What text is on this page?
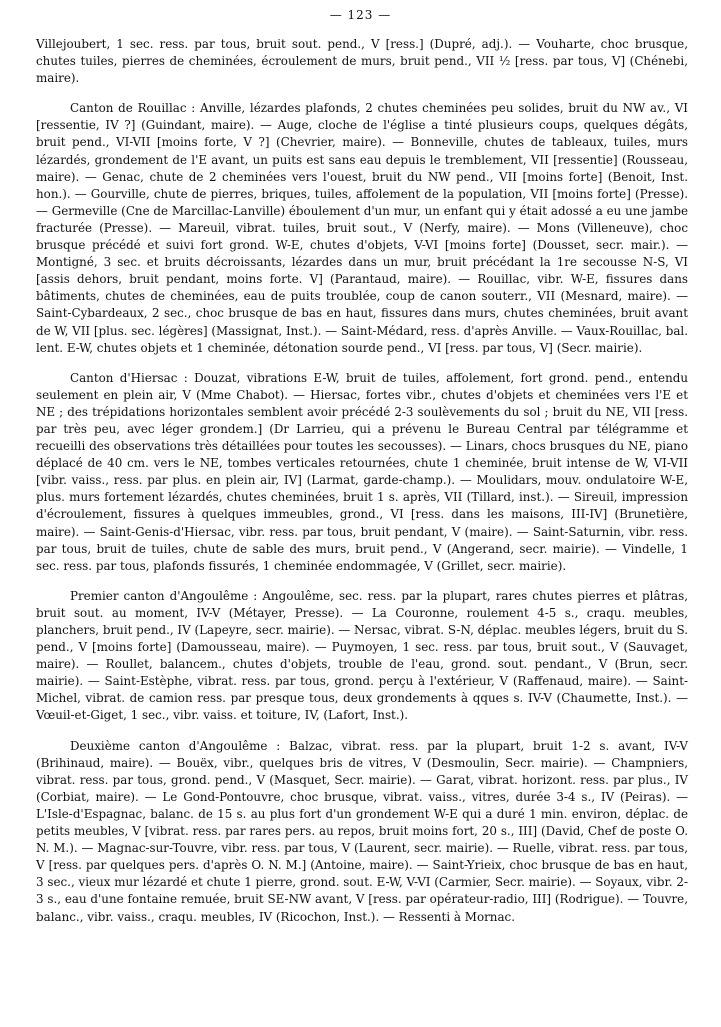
— 123 —

Villejoubert, 1 sec. ress. par tous, bruit sout. pend., V [ress.] (Dupré, adj.). — Vouharte, choc brusque, chutes tuiles, pierres de cheminées, écroulement de murs, bruit pend., VII ½ [ress. par tous, V] (Chénebi, maire).

Canton de Rouillac : Anville, lézardes plafonds, 2 chutes cheminées peu solides, bruit du NW av., VI [ressentie, IV ?] (Guindant, maire). — Auge, cloche de l'église a tinté plusieurs coups, quelques dégâts, bruit pend., VI-VII [moins forte, V ?] (Chevrier, maire). — Bonneville, chutes de tableaux, tuiles, murs lézardés, grondement de l'E avant, un puits est sans eau depuis le tremblement, VII [ressentie] (Rousseau, maire). — Genac, chute de 2 cheminées vers l'ouest, bruit du NW pend., VII [moins forte] (Benoit, Inst. hon.). — Gourville, chute de pierres, briques, tuiles, affolement de la population, VII [moins forte] (Presse). — Germeville (Cne de Marcillac-Lanville) éboulement d'un mur, un enfant qui y était adossé a eu une jambe fracturée (Presse). — Mareuil, vibrat. tuiles, bruit sout., V (Nerfy, maire). — Mons (Villeneuve), choc brusque précédé et suivi fort grond. W-E, chutes d'objets, V-VI [moins forte] (Dousset, secr. mair.). — Montigné, 3 sec. et bruits décroissants, lézardes dans un mur, bruit précédant la 1re secousse N-S, VI [assis dehors, bruit pendant, moins forte. V] (Parantaud, maire). — Rouillac, vibr. W-E, fissures dans bâtiments, chutes de cheminées, eau de puits troublée, coup de canon souterr., VII (Mesnard, maire). — Saint-Cybardeaux, 2 sec., choc brusque de bas en haut, fissures dans murs, chutes cheminées, bruit avant de W, VII [plus. sec. légères] (Massignat, Inst.). — Saint-Médard, ress. d'après Anville. — Vaux-Rouillac, bal. lent. E-W, chutes objets et 1 cheminée, détonation sourde pend., VI [ress. par tous, V] (Secr. mairie).

Canton d'Hiersac : Douzat, vibrations E-W, bruit de tuiles, affolement, fort grond. pend., entendu seulement en plein air, V (Mme Chabot). — Hiersac, fortes vibr., chutes d'objets et cheminées vers l'E et NE ; des trépidations horizontales semblent avoir précédé 2-3 soulèvements du sol ; bruit du NE, VII [ress. par très peu, avec léger grondem.] (Dr Larrieu, qui a prévenu le Bureau Central par télégramme et recueilli des observations très détaillées pour toutes les secousses). — Linars, chocs brusques du NE, piano déplacé de 40 cm. vers le NE, tombes verticales retournées, chute 1 cheminée, bruit intense de W, VI-VII [vibr. vaiss., ress. par plus. en plein air, IV] (Larmat, garde-champ.). — Moulidars, mouv. ondulatoire W-E, plus. murs fortement lézardés, chutes cheminées, bruit 1 s. après, VII (Tillard, inst.). — Sireuil, impression d'écroulement, fissures à quelques immeubles, grond., VI [ress. dans les maisons, III-IV] (Brunetière, maire). — Saint-Genis-d'Hiersac, vibr. ress. par tous, bruit pendant, V (maire). — Saint-Saturnin, vibr. ress. par tous, bruit de tuiles, chute de sable des murs, bruit pend., V (Angerand, secr. mairie). — Vindelle, 1 sec. ress. par tous, plafonds fissurés, 1 cheminée endommagée, V (Grillet, secr. mairie).

Premier canton d'Angoulême : Angoulême, sec. ress. par la plupart, rares chutes pierres et plâtras, bruit sout. au moment, IV-V (Métayer, Presse). — La Couronne, roulement 4-5 s., craqu. meubles, planchers, bruit pend., IV (Lapeyre, secr. mairie). — Nersac, vibrat. S-N, déplac. meubles légers, bruit du S. pend., V [moins forte] (Damousseau, maire). — Puymoyen, 1 sec. ress. par tous, bruit sout., V (Sauvaget, maire). — Roullet, balancem., chutes d'objets, trouble de l'eau, grond. sout. pendant., V (Brun, secr. mairie). — Saint-Estèphe, vibrat. ress. par tous, grond. perçu à l'extérieur, V (Raffenaud, maire). — Saint-Michel, vibrat. de camion ress. par presque tous, deux grondements à qques s. IV-V (Chaumette, Inst.). — Vœuil-et-Giget, 1 sec., vibr. vaiss. et toiture, IV, (Lafort, Inst.).

Deuxième canton d'Angoulême : Balzac, vibrat. ress. par la plupart, bruit 1-2 s. avant, IV-V (Brihinaud, maire). — Bouëx, vibr., quelques bris de vitres, V (Desmoulin, Secr. mairie). — Champniers, vibrat. ress. par tous, grond. pend., V (Masquet, Secr. mairie). — Garat, vibrat. horizont. ress. par plus., IV (Corbiat, maire). — Le Gond-Pontouvre, choc brusque, vibrat. vaiss., vitres, durée 3-4 s., IV (Peiras). — L'Isle-d'Espagnac, balanc. de 15 s. au plus fort d'un grondement W-E qui a duré 1 min. environ, déplac. de petits meubles, V [vibrat. ress. par rares pers. au repos, bruit moins fort, 20 s., III] (David, Chef de poste O. N. M.). — Magnac-sur-Touvre, vibr. ress. par tous, V (Laurent, secr. mairie). — Ruelle, vibrat. ress. par tous, V [ress. par quelques pers. d'après O. N. M.] (Antoine, maire). — Saint-Yrieix, choc brusque de bas en haut, 3 sec., vieux mur lézardé et chute 1 pierre, grond. sout. E-W, V-VI (Carmier, Secr. mairie). — Soyaux, vibr. 2-3 s., eau d'une fontaine remuée, bruit SE-NW avant, V [ress. par opérateur-radio, III] (Rodrigue). — Touvre, balanc., vibr. vaiss., craqu. meubles, IV (Ricochon, Inst.). — Ressenti à Mornac.
